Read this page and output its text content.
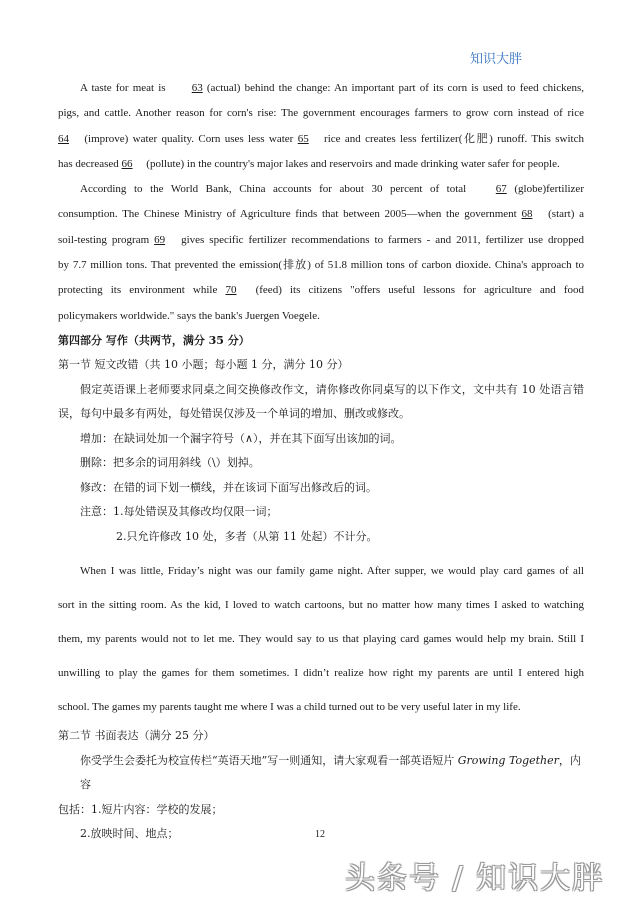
知识大胖

A taste for meat is 63 (actual) behind the change: An important part of its corn is used to feed chickens,

pigs, and cattle. Another reason for corn's rise: The government encourages farmers to grow corn instead of rice

64 (improve) water quality. Corn uses less water 65 rice and creates less fertilizer(化肥) runoff. This switch

has decreased 66 (pollute) in the country's major lakes and reservoirs and made drinking water safer for people.

According to the World Bank, China accounts for about 30 percent of total 67 (globe)fertilizer

consumption. The Chinese Ministry of Agriculture finds that between 2005—when the government 68 (start) a

soil-testing program 69 gives specific fertilizer recommendations to farmers - and 2011, fertilizer use dropped

by 7.7 million tons. That prevented the emission(排放) of 51.8 million tons of carbon dioxide. China's approach to

protecting its environment while 70 (feed) its citizens "offers useful lessons for agriculture and food

policymakers worldwide." says the bank's Juergen Voegele.

第四部分 写作（共两节，满分 35 分）

第一节 短文改错（共 10 小题；每小题 1 分，满分 10 分）

假定英语课上老师要求同桌之间交换修改作文，请你修改你同桌写的以下作文，文中共有 10 处语言错

误，每句中最多有两处，每处错误仅涉及一个单词的增加、删改或修改。

增加：在缺词处加一个漏字符号（∧），并在其下面写出该加的词。

删除：把多余的词用斜线（\）划掉。

修改：在错的词下划一横线，并在该词下面写出修改后的词。

注意：1.每处错误及其修改均仅限一词；

2.只允许修改 10 处，多者（从第 11 处起）不计分。

When I was little, Friday’s night was our family game night. After supper, we would play card games of all

sort in the sitting room. As the kid, I loved to watch cartoons, but no matter how many times I asked to watching

them, my parents would not to let me. They would say to us that playing card games would help my brain. Still I

unwilling to play the games for them sometimes. I didn’t realize how right my parents are until I entered high

school. The games my parents taught me where I was a child turned out to be very useful later in my life.

第二节 书面表达（满分 25 分）

你受学生会委托为校宣传栏“英语天地”写一则通知，请大家观看一部英语短片 Growing Together，内容

包括：1.短片内容：学校的发展；

2.放映时间、地点；	12
头条号 / 知识大胖
